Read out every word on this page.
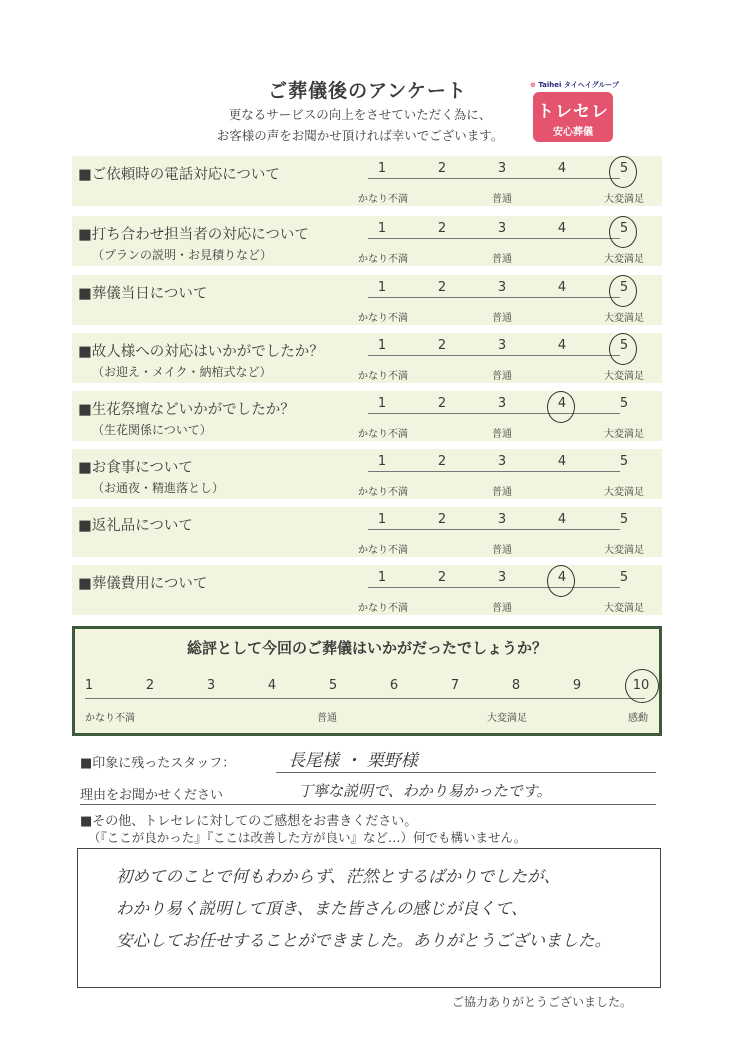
ご葬儀後のアンケート
更なるサービスの向上をさせていただく為に、
お客様の声をお聞かせ頂ければ幸いでございます。
⊕ Taihei タイヘイグループ
トレセレ
安心葬儀
■ご依頼時の電話対応について	1	2	3	4	5
かなり不満	普通	大変満足
■打ち合わせ担当者の対応について
（プランの説明・お見積りなど）
1	2	3	4	5
かなり不満	普通	大変満足
■葬儀当日について	1	2	3	4	5
かなり不満	普通	大変満足
■故人様への対応はいかがでしたか？
（お迎え・メイク・納棺式など）
1	2	3	4	5
かなり不満	普通	大変満足
■生花祭壇などいかがでしたか？
（生花関係について）
1	2	3	4	5
かなり不満	普通	大変満足
■お食事について
（お通夜・精進落とし）
1	2	3	4	5
かなり不満	普通	大変満足
■返礼品について	1	2	3	4	5
かなり不満	普通	大変満足
■葬儀費用について	1	2	3	4	5
かなり不満	普通	大変満足
総評として今回のご葬儀はいかがだったでしょうか？
1	2	3	4	5	6	7	8	9	10
かなり不満	普通	大変満足	感動
■印象に残ったスタッフ：	長尾様 ・ 栗野様
理由をお聞かせください	丁寧な説明で、わかり易かったです。
■その他、トレセレに対してのご感想をお書きください。
（『ここが良かった』『ここは改善した方が良い』など…）何でも構いません。
初めてのことで何もわからず、茫然とするばかりでしたが、
わかり易く説明して頂き、また皆さんの感じが良くて、
安心してお任せすることができました。ありがとうございました。
ご協力ありがとうございました。
